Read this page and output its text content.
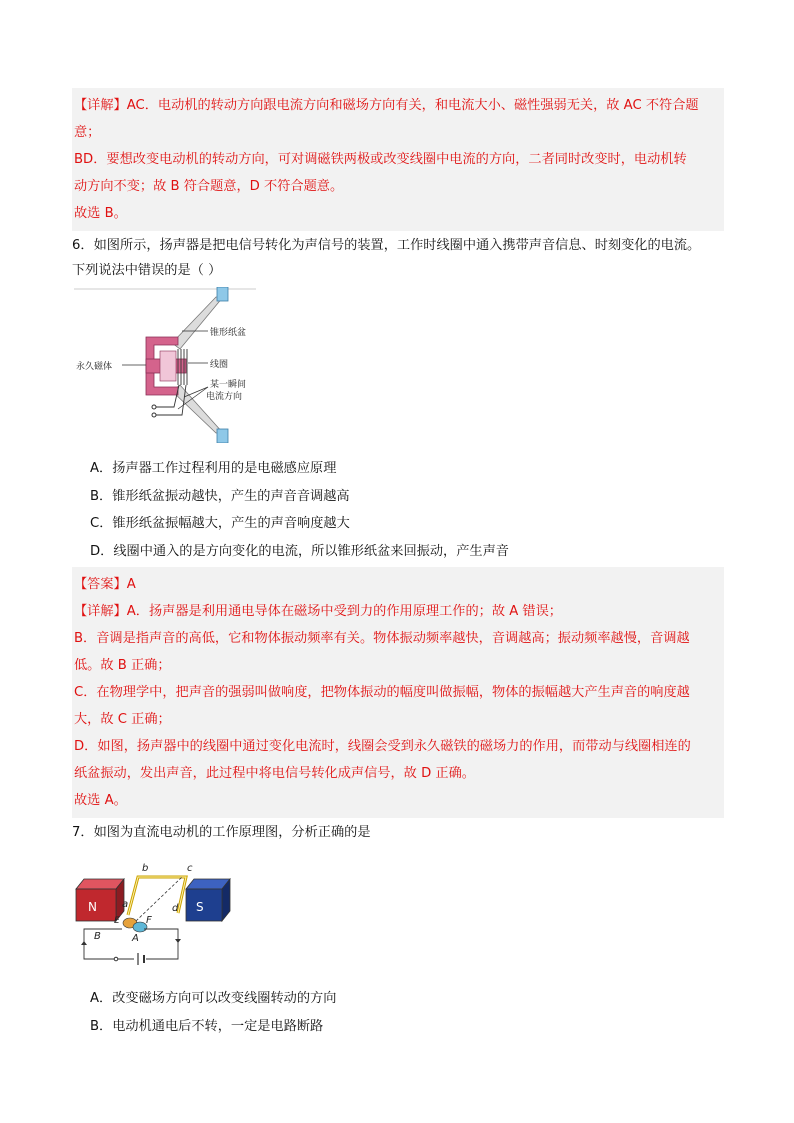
【详解】AC．电动机的转动方向跟电流方向和磁场方向有关，和电流大小、磁性强弱无关，故 AC 不符合题
意；
BD．要想改变电动机的转动方向，可对调磁铁两极或改变线圈中电流的方向，二者同时改变时，电动机转
动方向不变；故 B 符合题意，D 不符合题意。
故选 B。
6．如图所示，扬声器是把电信号转化为声信号的装置，工作时线圈中通入携带声音信息、时刻变化的电流。
下列说法中错误的是（ ）
锥形纸盆
线圈
永久磁体
某一瞬间
电流方向
A．扬声器工作过程利用的是电磁感应原理
B．锥形纸盆振动越快，产生的声音音调越高
C．锥形纸盆振幅越大，产生的声音响度越大
D．线圈中通入的是方向变化的电流，所以锥形纸盆来回振动，产生声音
【答案】A
【详解】A．扬声器是利用通电导体在磁场中受到力的作用原理工作的；故 A 错误；
B．音调是指声音的高低，它和物体振动频率有关。物体振动频率越快，音调越高；振动频率越慢，音调越
低。故 B 正确；
C．在物理学中，把声音的强弱叫做响度，把物体振动的幅度叫做振幅，物体的振幅越大产生声音的响度越
大，故 C 正确；
D．如图，扬声器中的线圈中通过变化电流时，线圈会受到永久磁铁的磁场力的作用，而带动与线圈相连的
纸盆振动，发出声音，此过程中将电信号转化成声信号，故 D 正确。
故选 A。
7．如图为直流电动机的工作原理图，分析正确的是
N	S
b	c
a	d
E	F
B	A
A．改变磁场方向可以改变线圈转动的方向
B．电动机通电后不转，一定是电路断路
